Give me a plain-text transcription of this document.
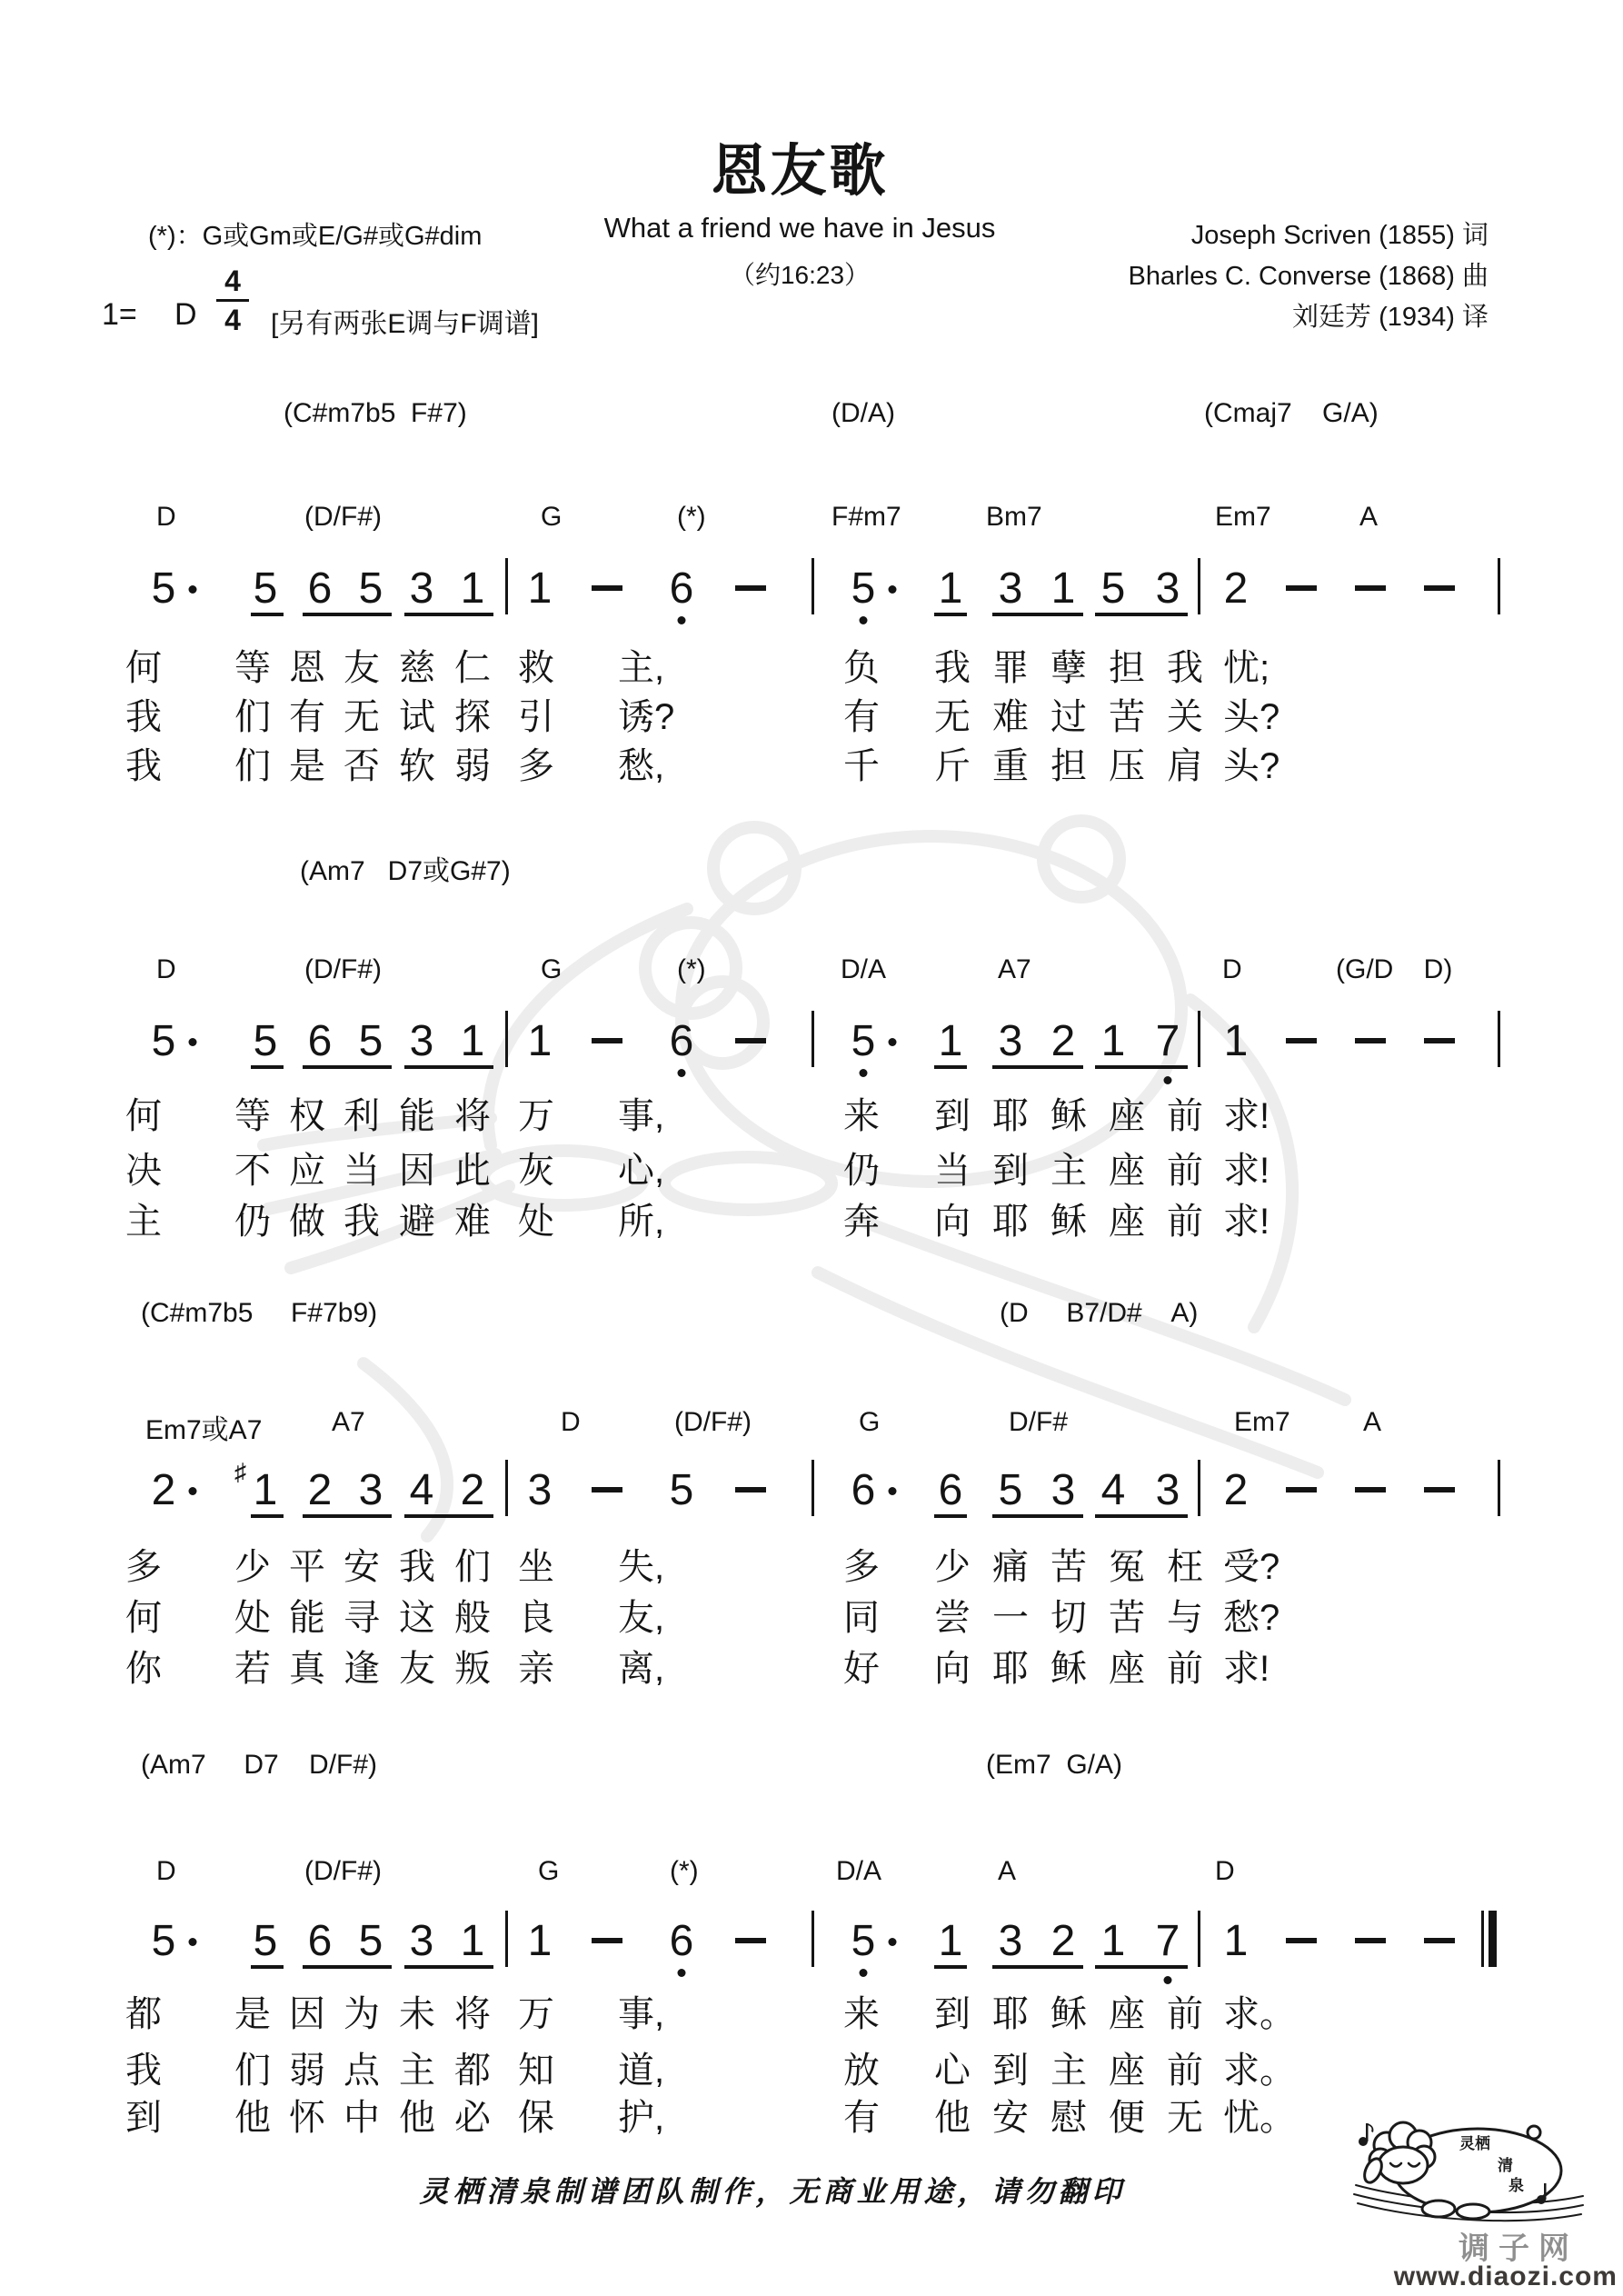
恩友歌
What a friend we have in Jesus
（约16:23）
(*)：G或Gm或E/G#或G#dim	Joseph Scriven (1855) 词
Bharles C. Converse (1868) 曲
刘廷芳 (1934) 译
1= D
4
4	[另有两张E调与F调谱]
(C#m7b5  F#7)	(D/A)	(Cmaj7    G/A)
D	(D/F#)	G	(*)	F#m7	Bm7	Em7	A
5 5 6 5 3 1 1	6	5 1 3 1 5 3 2
何 等 恩 友 慈 仁 救 主,	负 我 罪 孽 担 我 忧;
我 们 有 无 试 探 引 诱?	有 无 难 过 苦 关 头?
我 们 是 否 软 弱 多 愁,	千 斤 重 担 压 肩 头?
(Am7   D7或G#7)
D	(D/F#)	G	(*)	D/A	A7	D	(G/D    D)
5 5 6 5 3 1 1	6	5 1 3 2 1 7 1
何 等 权 利 能 将 万 事,	来 到 耶 稣 座 前 求!
决 不 应 当 因 此 灰 心,	仍 当 到 主 座 前 求!
主 仍 做 我 避 难 处 所,	奔 向 耶 稣 座 前 求!
(C#m7b5     F#7b9)	(D     B7/D#    A)
Em7或A7	A7	D	(D/F#)	G	D/F#	Em7	A
2 1
♯ 2 3 4 2 3	5	6 6 5 3 4 3 2
多 少 平 安 我 们 坐 失,	多 少 痛 苦 冤 枉 受?
何 处 能 寻 这 般 良 友,	同 尝 一 切 苦 与 愁?
你 若 真 逢 友 叛 亲 离,	好 向 耶 稣 座 前 求!
(Am7     D7    D/F#)	(Em7  G/A)
D	(D/F#)	G	(*)	D/A	A	D
5 5 6 5 3 1 1	6	5 1 3 2 1 7 1
都 是 因 为 未 将 万 事,	来 到 耶 稣 座 前 求。
我 们 弱 点 主 都 知 道,	放 心 到 主 座 前 求。
到 他 怀 中 他 必 保 护,	有 他 安 慰 便 无 忧。
灵栖清泉制谱团队制作，无商业用途，请勿翻印
灵栖
清
泉
调子网
www.diaozi.com
